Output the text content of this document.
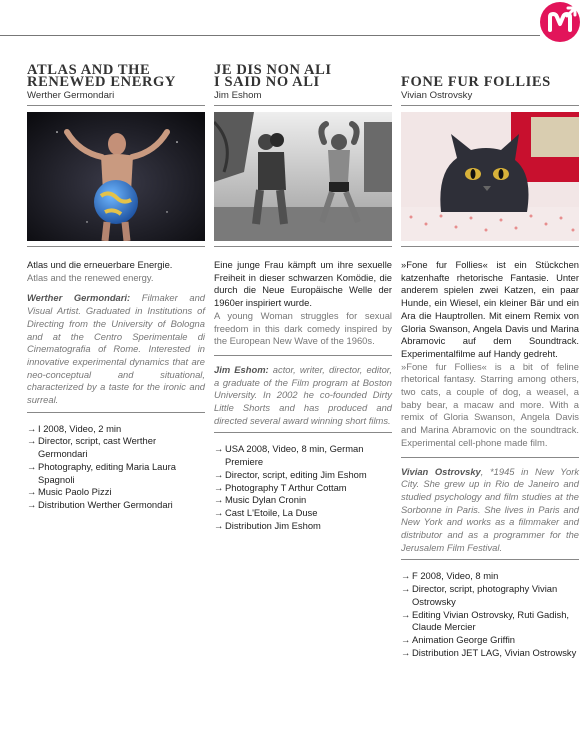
ATLAS AND THE
RENEWED ENERGY
Werther Germondari

Atlas und die erneuerbare Energie.

Atlas and the renewed energy.

Werther Germondari: Filmaker and Visual Artist. Graduated in Institutions of Directing from the University of Bologna and at the Centro Sperimentale di Cinematografia of Rome. Interested in innovative experimental dynamics that are neo-conceptual and situational, characterized by a taste for the ironic and surreal.

→ I 2008, Video, 2 min
→ Director, script, cast Werther Germondari
→ Photography, editing Maria Laura Spagnoli
→ Music Paolo Pizzi
→ Distribution Werther Germondari
JE DIS NON ALI
I SAID NO ALI
Jim Eshom

Eine junge Frau kämpft um ihre sexuelle Freiheit in dieser schwarzen Komödie, die durch die Neue Europäische Welle der 1960er inspiriert wurde.

A young Woman struggles for sexual freedom in this dark comedy inspired by the European New Wave of the 1960s.

Jim Eshom: actor, writer, director, editor, a graduate of the Film program at Boston University. In 2002 he co-founded Dirty Little Shorts and has produced and directed several award winning short films.

→ USA 2008, Video, 8 min, German Premiere
→ Director, script, editing Jim Eshom
→ Photography T Arthur Cottam
→ Music Dylan Cronin
→ Cast L'Etoile, La Duse
→ Distribution Jim Eshom
FONE FUR FOLLIES
Vivian Ostrovsky

»Fone fur Follies« ist ein Stückchen katzenhafte rhetorische Fantasie. Unter anderem spielen zwei Katzen, ein paar Hunde, ein Wiesel, ein kleiner Bär und ein Ara die Hauptrollen. Mit einem Remix von Gloria Swanson, Angela Davis und Marina Abramovic auf dem Soundtrack. Experimentalfilme auf Handy gedreht.

»Fone fur Follies« is a bit of feline rhetorical fantasy. Starring among others, two cats, a couple of dog, a weasel, a baby bear, a macaw and more. With a remix of Gloria Swanson, Angela Davis and Marina Abramovic on the soundtrack. Experimental cell-phone made film.

Vivian Ostrovsky, *1945 in New York City. She grew up in Rio de Janeiro and studied psychology and film studies at the Sorbonne in Paris. She lives in Paris and New York and works as a filmmaker and distributor and as a programmer for the Jerusalem Film Festival.

→ F 2008, Video, 8 min
→ Director, script, photography Vivian Ostrowsky
→ Editing Vivian Ostrovsky, Ruti Gadish, Claude Mercier
→ Animation George Griffin
→ Distribution JET LAG, Vivian Ostrowsky
